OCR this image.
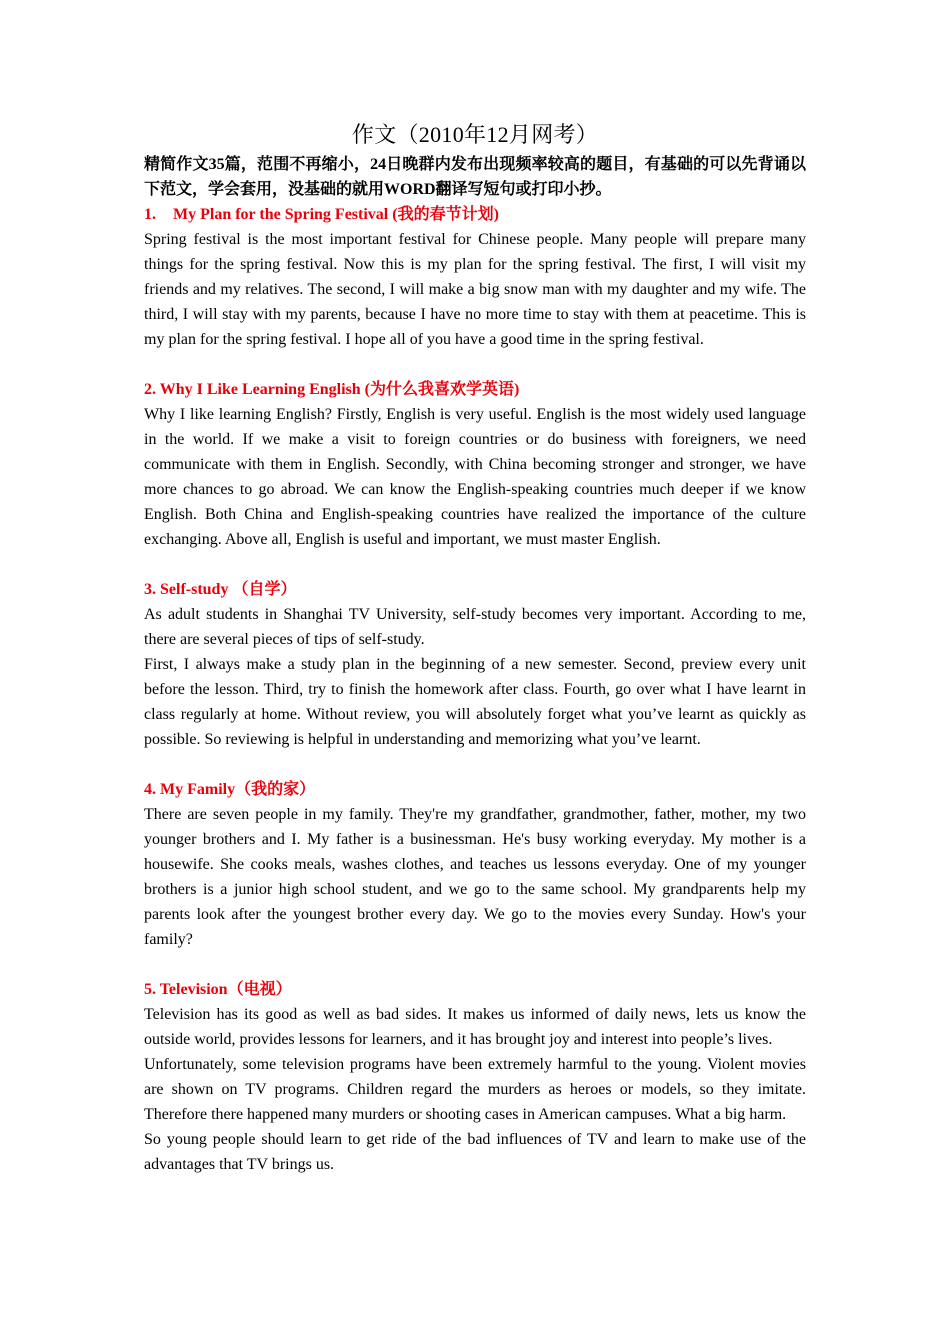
作文（2010年12月网考）

精简作文35篇，范围不再缩小，24日晚群内发布出现频率较高的题目，有基础的可以先背诵以下范文，学会套用，没基础的就用WORD翻译写短句或打印小抄。

1. My Plan for the Spring Festival (我的春节计划)

Spring festival is the most important festival for Chinese people. Many people will prepare many things for the spring festival. Now this is my plan for the spring festival. The first, I will visit my friends and my relatives. The second, I will make a big snow man with my daughter and my wife. The third, I will stay with my parents, because I have no more time to stay with them at peacetime. This is my plan for the spring festival. I hope all of you have a good time in the spring festival.

2. Why I Like Learning English (为什么我喜欢学英语)

Why I like learning English? Firstly, English is very useful. English is the most widely used language in the world. If we make a visit to foreign countries or do business with foreigners, we need communicate with them in English. Secondly, with China becoming stronger and stronger, we have more chances to go abroad. We can know the English-speaking countries much deeper if we know English. Both China and English-speaking countries have realized the importance of the culture exchanging. Above all, English is useful and important, we must master English.

3. Self-study （自学）

As adult students in Shanghai TV University, self-study becomes very important. According to me, there are several pieces of tips of self-study.

First, I always make a study plan in the beginning of a new semester. Second, preview every unit before the lesson. Third, try to finish the homework after class. Fourth, go over what I have learnt in class regularly at home. Without review, you will absolutely forget what you’ve learnt as quickly as possible. So reviewing is helpful in understanding and memorizing what you’ve learnt.

4. My Family（我的家）

There are seven people in my family. They're my grandfather, grandmother, father, mother, my two younger brothers and I. My father is a businessman. He's busy working everyday. My mother is a housewife. She cooks meals, washes clothes, and teaches us lessons everyday. One of my younger brothers is a junior high school student, and we go to the same school. My grandparents help my parents look after the youngest brother every day. We go to the movies every Sunday. How's your family?

5. Television（电视）

Television has its good as well as bad sides. It makes us informed of daily news, lets us know the outside world, provides lessons for learners, and it has brought joy and interest into people’s lives.

Unfortunately, some television programs have been extremely harmful to the young. Violent movies are shown on TV programs. Children regard the murders as heroes or models, so they imitate. Therefore there happened many murders or shooting cases in American campuses. What a big harm.

So young people should learn to get ride of the bad influences of TV and learn to make use of the advantages that TV brings us.
